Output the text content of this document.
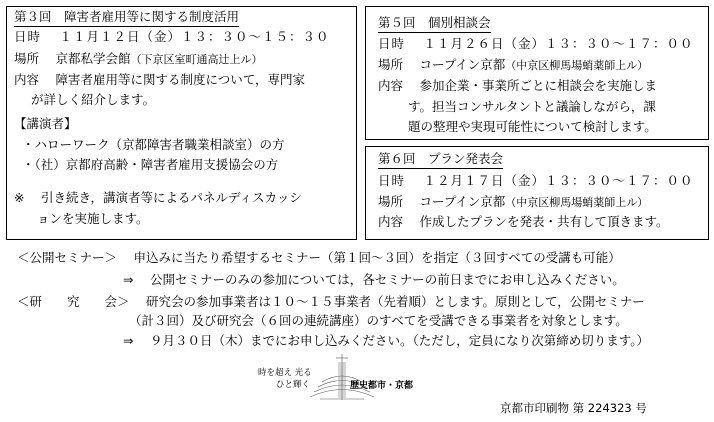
第３回　障害者雇用等に関する制度活用
日時　 １１月１２日（金）１３：３０～１５：３０
場所　 京都私学会館（下京区室町通高辻上ル）
内容　 障害者雇用等に関する制度について，専門家
が詳しく紹介します。
【講演者】
・ハローワーク（京都障害者職業相談室）の方
・（社）京都府高齢・障害者雇用支援協会の方
※　 引き続き，講演者等によるパネルディスカッシ
ョンを実施します。
第５回　個別相談会
日時　 １１月２６日（金）１３：３０～１７：００
場所　 コープイン京都（中京区柳馬場蛸薬師上ル）
内容　 参加企業・事業所ごとに相談会を実施しま
す。担当コンサルタントと議論しながら，課
題の整理や実現可能性について検討します。
第６回　プラン発表会
日時　 １２月１７日（金）１３：３０～１７：００
場所　 コープイン京都（中京区柳馬場蛸薬師上ル）
内容　 作成したプランを発表・共有して頂きます。
＜公開セミナー＞　 申込みに当たり希望するセミナー（第１回～３回）を指定（３回すべての受講も可能）
⇒　 公開セミナーのみの参加については，各セミナーの前日までにお申し込みください。
＜研　　究　　会＞　 研究会の参加事業者は１０～１５事業者（先着順）とします。原則として，公開セミナー
（計３回）及び研究会（６回の連続講座）のすべてを受講できる事業者を対象とします。
⇒　 ９月３０日（木）までにお申し込みください。（ただし，定員になり次第締め切ります。）
時を超え 光る
ひと輝く	歴史都市・京都
京都市印刷物 第 224323 号
